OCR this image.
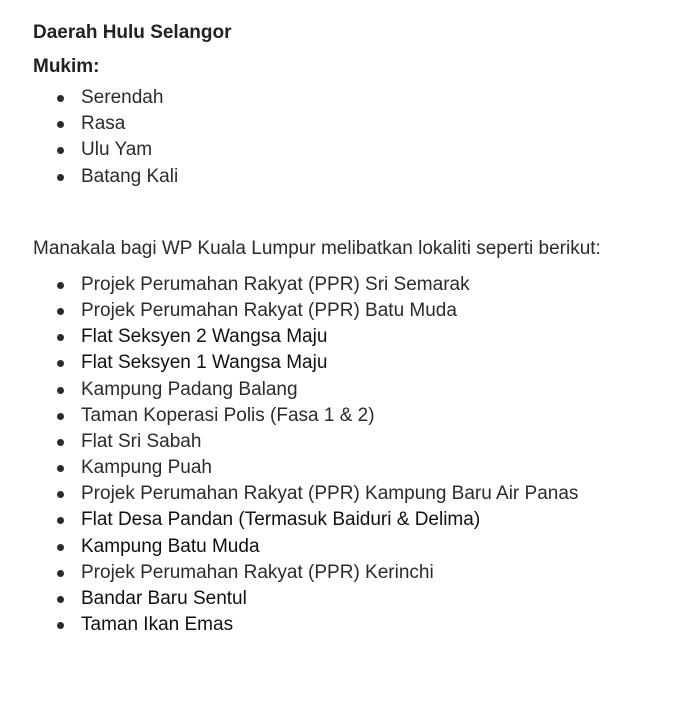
Daerah Hulu Selangor
Mukim:
Serendah
Rasa
Ulu Yam
Batang Kali

Manakala bagi WP Kuala Lumpur melibatkan lokaliti seperti berikut:

Projek Perumahan Rakyat (PPR) Sri Semarak
Projek Perumahan Rakyat (PPR) Batu Muda
Flat Seksyen 2 Wangsa Maju
Flat Seksyen 1 Wangsa Maju
Kampung Padang Balang
Taman Koperasi Polis (Fasa 1 & 2)
Flat Sri Sabah
Kampung Puah
Projek Perumahan Rakyat (PPR) Kampung Baru Air Panas
Flat Desa Pandan (Termasuk Baiduri & Delima)
Kampung Batu Muda
Projek Perumahan Rakyat (PPR) Kerinchi
Bandar Baru Sentul
Taman Ikan Emas
